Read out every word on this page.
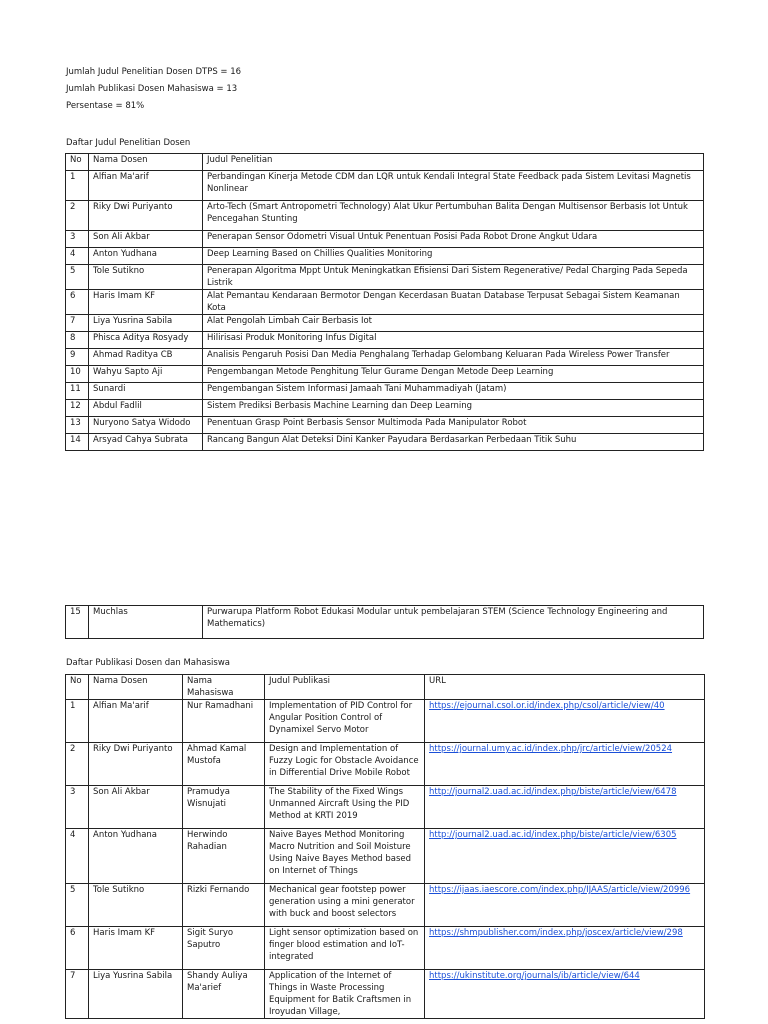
Jumlah Judul Penelitian Dosen DTPS = 16
Jumlah Publikasi Dosen Mahasiswa = 13
Persentase = 81%
Daftar Judul Penelitian Dosen
No	Nama Dosen	Judul Penelitian
1	Alfian Ma'arif	Perbandingan Kinerja Metode CDM dan LQR untuk Kendali Integral State Feedback pada Sistem Levitasi Magnetis Nonlinear
2	Riky Dwi Puriyanto	Arto-Tech (Smart Antropometri Technology) Alat Ukur Pertumbuhan Balita Dengan Multisensor Berbasis Iot Untuk Pencegahan Stunting
3	Son Ali Akbar	Penerapan Sensor Odometri Visual Untuk Penentuan Posisi Pada Robot Drone Angkut Udara
4	Anton Yudhana	Deep Learning Based on Chillies Qualities Monitoring
5	Tole Sutikno	Penerapan Algoritma Mppt Untuk Meningkatkan Efisiensi Dari Sistem Regenerative/ Pedal Charging Pada Sepeda Listrik
6	Haris Imam KF	Alat Pemantau Kendaraan Bermotor Dengan Kecerdasan Buatan Database Terpusat Sebagai Sistem Keamanan Kota
7	Liya Yusrina Sabila	Alat Pengolah Limbah Cair Berbasis Iot
8	Phisca Aditya Rosyady	Hilirisasi Produk Monitoring Infus Digital
9	Ahmad Raditya CB	Analisis Pengaruh Posisi Dan Media Penghalang Terhadap Gelombang Keluaran Pada Wireless Power Transfer
10	Wahyu Sapto Aji	Pengembangan Metode Penghitung Telur Gurame Dengan Metode Deep Learning
11	Sunardi	Pengembangan Sistem Informasi Jamaah Tani Muhammadiyah (Jatam)
12	Abdul Fadlil	Sistem Prediksi Berbasis Machine Learning dan Deep Learning
13	Nuryono Satya Widodo	Penentuan Grasp Point Berbasis Sensor Multimoda Pada Manipulator Robot
14	Arsyad Cahya Subrata	Rancang Bangun Alat Deteksi Dini Kanker Payudara Berdasarkan Perbedaan Titik Suhu
15	Muchlas	Purwarupa Platform Robot Edukasi Modular untuk pembelajaran STEM (Science Technology Engineering and Mathematics)
Daftar Publikasi Dosen dan Mahasiswa
No	Nama Dosen	Nama Mahasiswa	Judul Publikasi	URL
1	Alfian Ma'arif	Nur Ramadhani	Implementation of PID Control for Angular Position Control of Dynamixel Servo Motor	https://ejournal.csol.or.id/index.php/csol/article/view/40
2	Riky Dwi Puriyanto	Ahmad Kamal Mustofa	Design and Implementation of Fuzzy Logic for Obstacle Avoidance in Differential Drive Mobile Robot	https://journal.umy.ac.id/index.php/jrc/article/view/20524
3	Son Ali Akbar	Pramudya Wisnujati	The Stability of the Fixed Wings Unmanned Aircraft Using the PID Method at KRTI 2019	http://journal2.uad.ac.id/index.php/biste/article/view/6478
4	Anton Yudhana	Herwindo Rahadian	Naive Bayes Method Monitoring Macro Nutrition and Soil Moisture Using Naive Bayes Method based on Internet of Things	http://journal2.uad.ac.id/index.php/biste/article/view/6305
5	Tole Sutikno	Rizki Fernando	Mechanical gear footstep power generation using a mini generator with buck and boost selectors	https://ijaas.iaescore.com/index.php/IJAAS/article/view/20996
6	Haris Imam KF	Sigit Suryo Saputro	Light sensor optimization based on finger blood estimation and IoT-integrated	https://shmpublisher.com/index.php/joscex/article/view/298
7	Liya Yusrina Sabila	Shandy Auliya Ma'arief	Application of the Internet of Things in Waste Processing Equipment for Batik Craftsmen in Iroyudan Village,	https://ukinstitute.org/journals/ib/article/view/644
